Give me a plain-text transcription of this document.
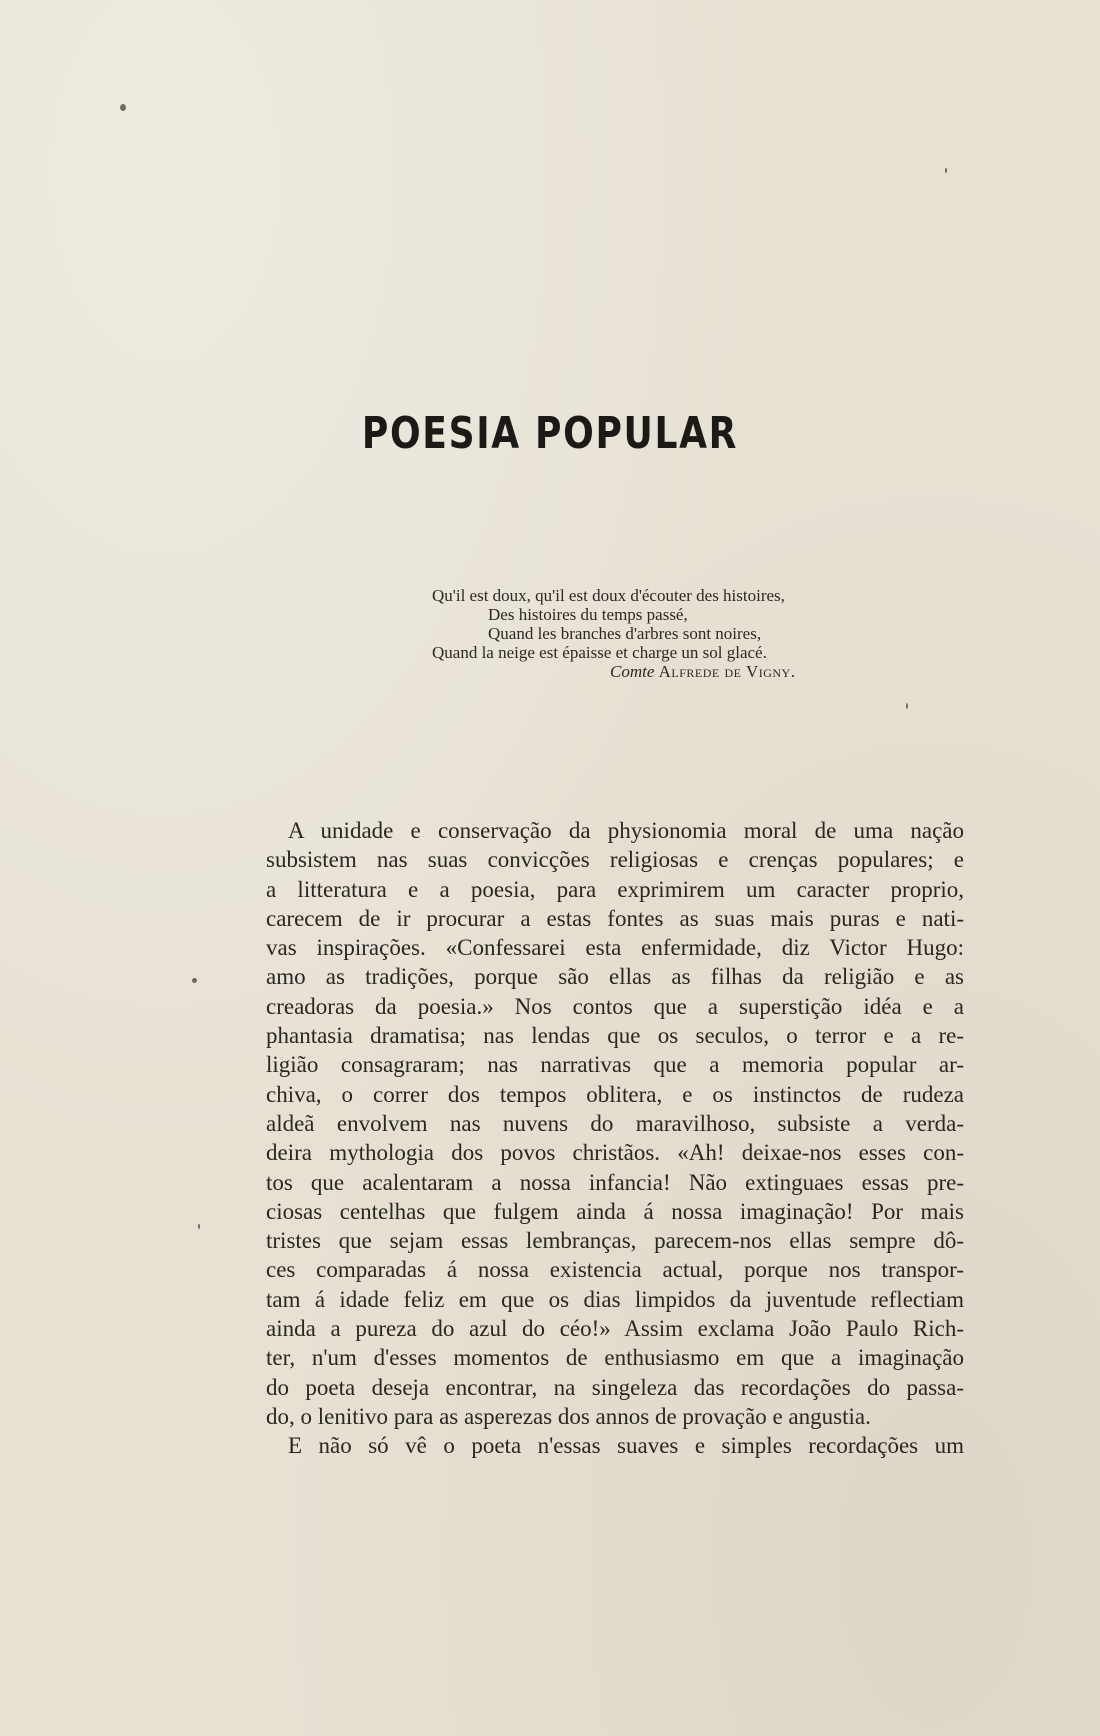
POESIA POPULAR
Qu'il est doux, qu'il est doux d'écouter des histoires,
Des histoires du temps passé,
Quand les branches d'arbres sont noires,
Quand la neige est épaisse et charge un sol glacé.
Comte Alfrede de Vigny.
A unidade e conservação da physionomia moral de uma nação
subsistem nas suas convicções religiosas e crenças populares; e
a litteratura e a poesia, para exprimirem um caracter proprio,
carecem de ir procurar a estas fontes as suas mais puras e nati-
vas inspirações. «Confessarei esta enfermidade, diz Victor Hugo:
amo as tradições, porque são ellas as filhas da religião e as
creadoras da poesia.» Nos contos que a superstição idéa e a
phantasia dramatisa; nas lendas que os seculos, o terror e a re-
ligião consagraram; nas narrativas que a memoria popular ar-
chiva, o correr dos tempos oblitera, e os instinctos de rudeza
aldeã envolvem nas nuvens do maravilhoso, subsiste a verda-
deira mythologia dos povos christãos. «Ah! deixae-nos esses con-
tos que acalentaram a nossa infancia! Não extinguaes essas pre-
ciosas centelhas que fulgem ainda á nossa imaginação! Por mais
tristes que sejam essas lembranças, parecem-nos ellas sempre dô-
ces comparadas á nossa existencia actual, porque nos transpor-
tam á idade feliz em que os dias limpidos da juventude reflectiam
ainda a pureza do azul do céo!» Assim exclama João Paulo Rich-
ter, n'um d'esses momentos de enthusiasmo em que a imaginação
do poeta deseja encontrar, na singeleza das recordações do passa-
do, o lenitivo para as asperezas dos annos de provação e angustia.
E não só vê o poeta n'essas suaves e simples recordações um
